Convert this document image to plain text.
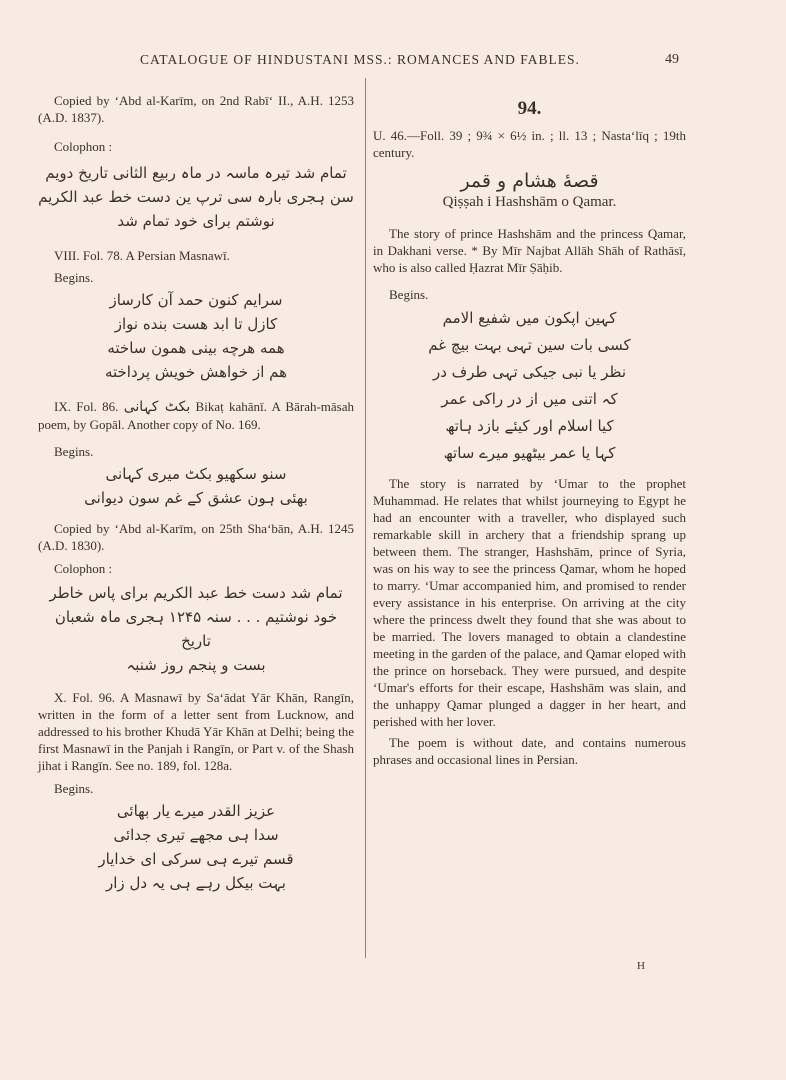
CATALOGUE OF HINDUSTANI MSS.: ROMANCES AND FABLES.	49

Copied by ‘Abd al-Karīm, on 2nd Rabī‘ II., A.H. 1253 (A.D. 1837).

Colophon :

تمام شد تیرہ ماسہ در ماہ ربیع الثانی تاریخ دویم

سن ہجری بارہ سی ترپ ین دست خط عبد الکریم

نوشتم برای خود تمام شد

VIII. Fol. 78. A Persian Masnawī.

Begins.

سرایم کنون حمد آن کارساز

کازل تا ابد هست بنده نواز

همه هرچه بینی همون ساخته

هم از خواهش خویش پرداخته

IX. Fol. 86. بکٹ کہانی Bikaṭ kahānī. A Bārah-māsah poem, by Gopāl. Another copy of No. 169.

Begins.

سنو سکهیو بکٹ میری کہانی

بهئی ہون عشق کے غم سون دیوانی

Copied by ‘Abd al-Karīm, on 25th Sha‘bān, A.H. 1245 (A.D. 1830).

Colophon :

تمام شد دست خط عبد الکریم برای پاس خاطر

خود نوشتیم . . . سنہ ۱۲۴۵ ہجری ماہ شعبان تاریخ

بست و پنجم روز شنبہ

X. Fol. 96. A Masnawī by Sa‘ādat Yār Khān, Rangīn, written in the form of a letter sent from Lucknow, and addressed to his brother Khudā Yār Khān at Delhi; being the first Masnawī in the Panjah i Rangīn, or Part v. of the Shash jihat i Rangīn. See no. 189, fol. 128a.

Begins.

عزیز القدر میرے یار بھائی

سدا ہی مجھے تیری جدائی

قسم تیرے ہی سرکی ای خدایار

بہت بیکل رہے ہی یہ دل زار

94.

U. 46.—Foll. 39 ; 9¾ × 6½ in. ; ll. 13 ; Nasta‘līq ; 19th century.

قصهٔ هشام و قمر

Qiṣṣah i Hashshām o Qamar.

The story of prince Hashshām and the princess Qamar, in Dakhani verse. * By Mīr Najbat Allāh Shāh of Rathāsī, who is also called Ḥazrat Mīr Ṣāḥib.

Begins.

کہین اپکون میں شفیع الامم

کسی بات سین تہی بہت بیچ غم

نظر یا نبی جیکی تہی طرف در

کہ اتنی میں از در راکی عمر

کیا اسلام اور کیئے بازد ہاتھ

کہا یا عمر بیٹھیو میرے ساتھ

The story is narrated by ‘Umar to the prophet Muhammad. He relates that whilst journeying to Egypt he had an encounter with a traveller, who displayed such remarkable skill in archery that a friendship sprang up between them. The stranger, Hashshām, prince of Syria, was on his way to see the princess Qamar, whom he hoped to marry. ‘Umar accompanied him, and promised to render every assistance in his enterprise. On arriving at the city where the princess dwelt they found that she was about to be married. The lovers managed to obtain a clandestine meeting in the garden of the palace, and Qamar eloped with the prince on horseback. They were pursued, and despite ‘Umar's efforts for their escape, Hashshām was slain, and the unhappy Qamar plunged a dagger in her heart, and perished with her lover.

The poem is without date, and contains numerous phrases and occasional lines in Persian.

H
